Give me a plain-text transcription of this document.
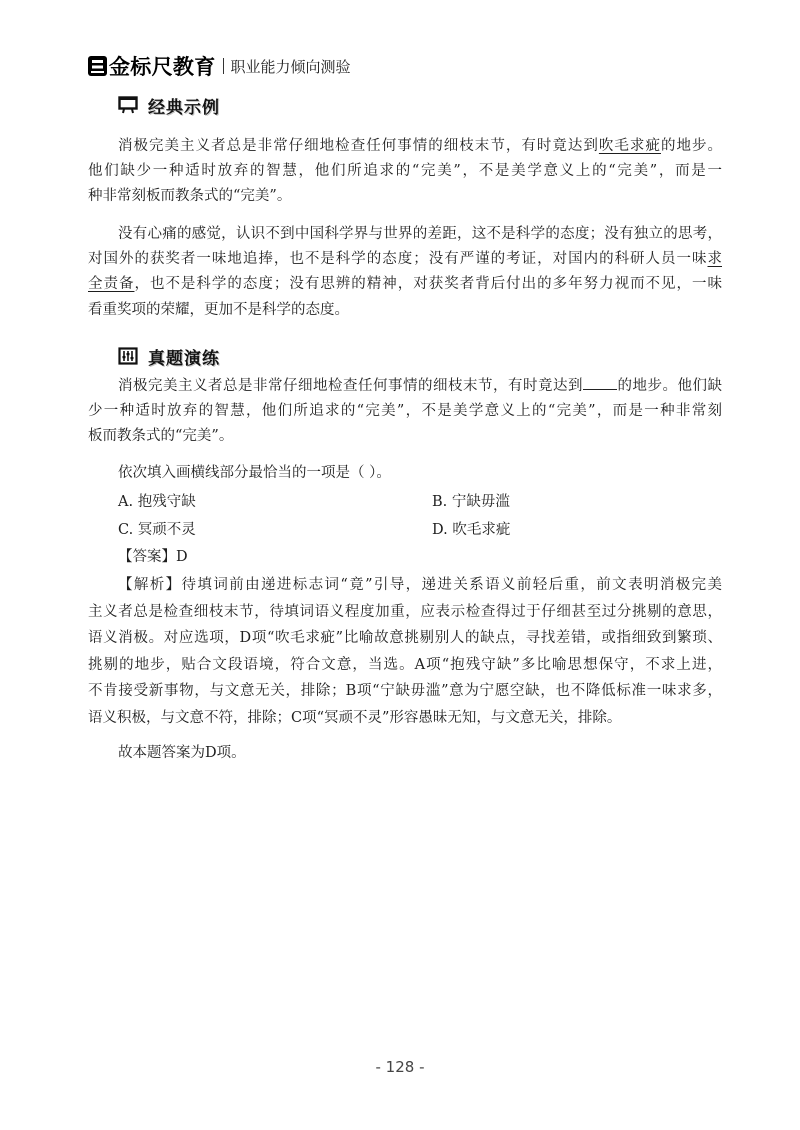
金标尺教育 职业能力倾向测验
经典示例
消极完美主义者总是非常仔细地检查任何事情的细枝末节，有时竟达到吹毛求疵的地步。
他们缺少一种适时放弃的智慧，他们所追求的“完美”，不是美学意义上的“完美”，而是一
种非常刻板而教条式的“完美”。
没有心痛的感觉，认识不到中国科学界与世界的差距，这不是科学的态度；没有独立的思考，
对国外的获奖者一味地追捧，也不是科学的态度；没有严谨的考证，对国内的科研人员一味求
全责备，也不是科学的态度；没有思辨的精神，对获奖者背后付出的多年努力视而不见，一味
看重奖项的荣耀，更加不是科学的态度。
真题演练
消极完美主义者总是非常仔细地检查任何事情的细枝末节，有时竟达到 的地步。他们缺
少一种适时放弃的智慧，他们所追求的“完美”，不是美学意义上的“完美”，而是一种非常刻
板而教条式的“完美”。
依次填入画横线部分最恰当的一项是（ ）。
A. 抱残守缺	B. 宁缺毋滥
C. 冥顽不灵	D. 吹毛求疵
【答案】D
【解析】待填词前由递进标志词“竟”引导，递进关系语义前轻后重，前文表明消极完美
主义者总是检查细枝末节，待填词语义程度加重，应表示检查得过于仔细甚至过分挑剔的意思，
语义消极。对应选项，D项“吹毛求疵”比喻故意挑剔别人的缺点，寻找差错，或指细致到繁琐、
挑剔的地步，贴合文段语境，符合文意，当选。A项“抱残守缺”多比喻思想保守，不求上进，
不肯接受新事物，与文意无关，排除；B项“宁缺毋滥”意为宁愿空缺，也不降低标准一味求多，
语义积极，与文意不符，排除；C项“冥顽不灵”形容愚昧无知，与文意无关，排除。
故本题答案为D项。
- 128 -
